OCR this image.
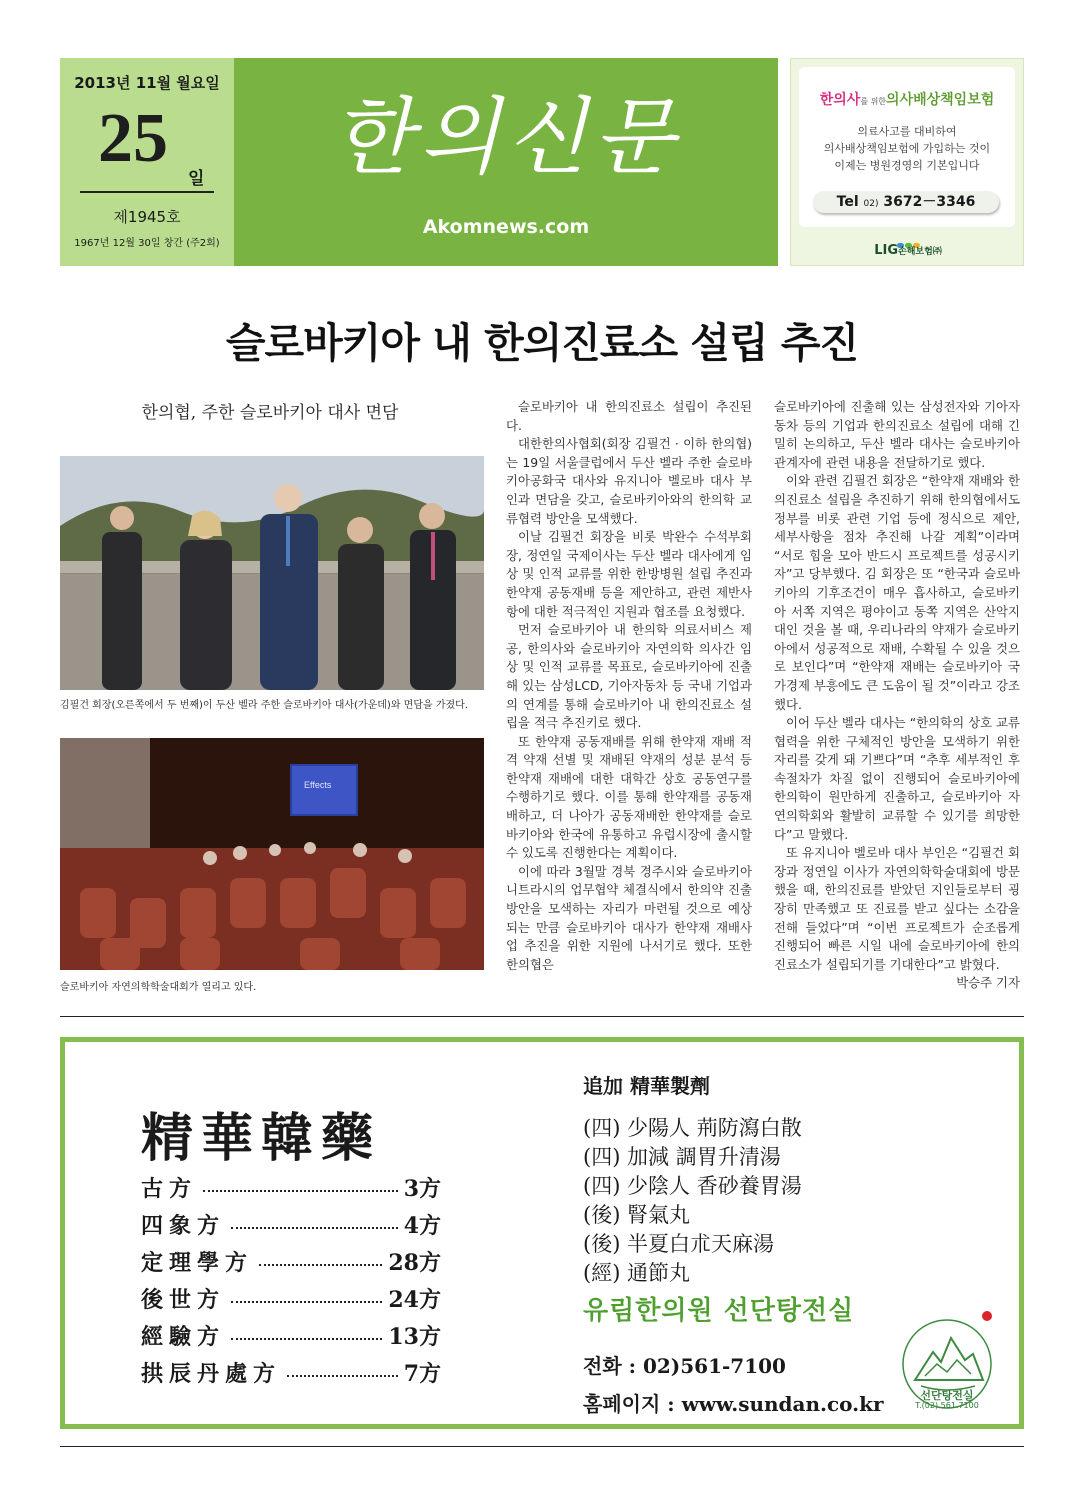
2013년 11월 월요일
25
일
제1945호
1967년 12월 30일 창간 (주2회)
한의신문
Akomnews.com
한의사를 위한의사배상책임보험
의료사고를 대비하여
의사배상책임보험에 가입하는 것이
이제는 병원경영의 기본입니다
Tel 02) 3672－3346
LIG손해보험㈜
슬로바키아 내 한의진료소 설립 추진
한의협, 주한 슬로바키아 대사 면담
김필건 회장(오른쪽에서 두 번째)이 두산 벨라 주한 슬로바키아 대사(가운데)와 면담을 가졌다.
Effects
슬로바키아 자연의학학술대회가 열리고 있다.

슬로바키아 내 한의진료소 설립이 추진된다.

대한한의사협회(회장 김필건 · 이하 한의협)는 19일 서울클럽에서 두산 벨라 주한 슬로바키아공화국 대사와 유지니아 벨로바 대사 부인과 면담을 갖고, 슬로바키아와의 한의학 교류협력 방안을 모색했다.

이날 김필건 회장을 비롯 박완수 수석부회장, 정연일 국제이사는 두산 벨라 대사에게 임상 및 인적 교류를 위한 한방병원 설립 추진과 한약재 공동재배 등을 제안하고, 관련 제반사항에 대한 적극적인 지원과 협조를 요청했다.

먼저 슬로바키아 내 한의학 의료서비스 제공, 한의사와 슬로바키아 자연의학 의사간 임상 및 인적 교류를 목표로, 슬로바키아에 진출해 있는 삼성LCD, 기아자동차 등 국내 기업과의 연계를 통해 슬로바키아 내 한의진료소 설립을 적극 추진키로 했다.

또 한약재 공동재배를 위해 한약재 재배 적격 약재 선별 및 재배된 약재의 성분 분석 등 한약재 재배에 대한 대학간 상호 공동연구를 수행하기로 했다. 이를 통해 한약재를 공동재배하고, 더 나아가 공동재배한 한약재를 슬로바키아와 한국에 유통하고 유럽시장에 출시할 수 있도록 진행한다는 계획이다.

이에 따라 3월말 경북 경주시와 슬로바키아 니트라시의 업무협약 체결식에서 한의약 진출 방안을 모색하는 자리가 마련될 것으로 예상되는 만큼 슬로바키아 대사가 한약재 재배사업 추진을 위한 지원에 나서기로 했다. 또한 한의협은

슬로바키아에 진출해 있는 삼성전자와 기아자동차 등의 기업과 한의진료소 설립에 대해 긴밀히 논의하고, 두산 벨라 대사는 슬로바키아 관계자에 관련 내용을 전달하기로 했다.

이와 관련 김필건 회장은 “한약재 재배와 한의진료소 설립을 추진하기 위해 한의협에서도 정부를 비롯 관련 기업 등에 정식으로 제안, 세부사항을 점차 추진해 나갈 계획”이라며 “서로 힘을 모아 반드시 프로젝트를 성공시키자”고 당부했다. 김 회장은 또 “한국과 슬로바키아의 기후조건이 매우 흡사하고, 슬로바키아 서쪽 지역은 평야이고 동쪽 지역은 산악지대인 것을 볼 때, 우리나라의 약재가 슬로바키아에서 성공적으로 재배, 수확될 수 있을 것으로 보인다”며 “한약재 재배는 슬로바키아 국가경제 부흥에도 큰 도움이 될 것”이라고 강조했다.

이어 두산 벨라 대사는 “한의학의 상호 교류협력을 위한 구체적인 방안을 모색하기 위한 자리를 갖게 돼 기쁘다”며 “추후 세부적인 후속절차가 차질 없이 진행되어 슬로바키아에 한의학이 원만하게 진출하고, 슬로바키아 자연의학회와 활발히 교류할 수 있기를 희망한다”고 말했다.

또 유지니아 벨로바 대사 부인은 “김필건 회장과 정연일 이사가 자연의학학술대회에 방문했을 때, 한의진료를 받았던 지인들로부터 굉장히 만족했고 또 진료를 받고 싶다는 소감을 전해 들었다”며 “이번 프로젝트가 순조롭게 진행되어 빠른 시일 내에 슬로바키아에 한의진료소가 설립되기를 기대한다”고 밝혔다.
박승주 기자

精華韓藥
古方	3方
四象方	4方
定理學方	28方
後世方	24方
經驗方	13方
拱辰丹處方	7方
追加 精華製劑
(四) 少陽人 荊防瀉白散
(四) 加減 調胃升清湯
(四) 少陰人 香砂養胃湯
(後) 腎氣丸
(後) 半夏白朮天麻湯
(經) 通節丸
유림한의원 선단탕전실
전화 : 02)561-7100
홈페이지 : www.sundan.co.kr	선단탕전실
T.(02) 561.7100
